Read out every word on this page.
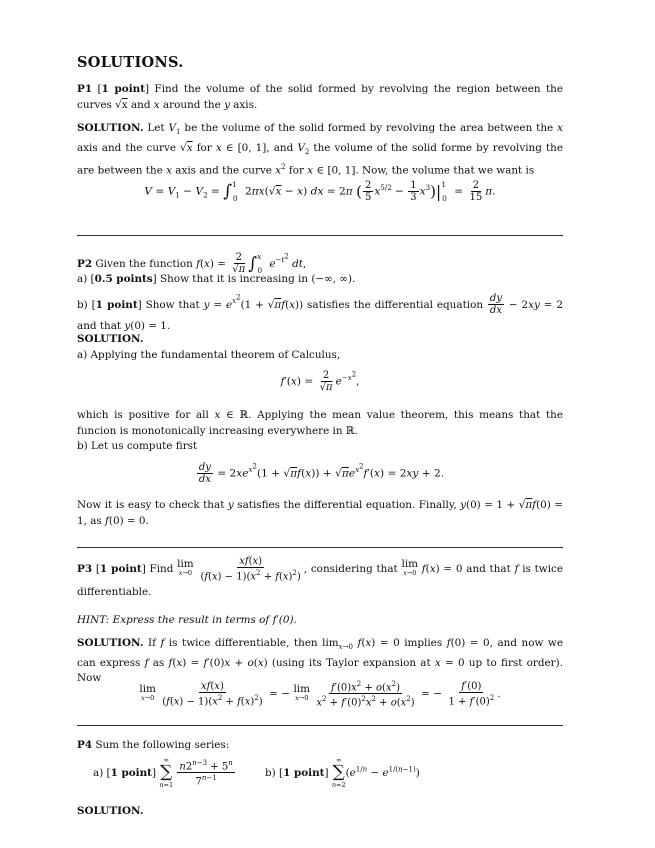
SOLUTIONS.

P1 [1 point] Find the volume of the solid formed by revolving the region between the curves √x and x around the y axis.

SOLUTION. Let $V_1$ be the volume of the solid formed by revolving the area between the x axis and the curve √x for x ∈ [0, 1], and $V_2$ the volume of the solid forme by revolving the are between the x axis and the curve $x^2$ for x ∈ [0, 1]. Now, the volume that we want is

$V = V_1 - V_2 = \int^1_0$ 2πx(√x − x) dx = 2π ( $\frac{2}{5} x^{5/2} - \frac{1}{3} x^3)|^1_0 = \frac{2}{15} \pi$.

P2 Given the function $f(x) = \frac{2}{√\pi} \int^x_0$ $e^{-t^2}$ dt,

a) [0.5 points] Show that it is increasing in (−∞, ∞).

b) [1 point] Show that $y = e^{x^2}(1 + √\pi f(x))$ satisfies the differential equation $\frac{dy}{dx} - 2xy = 2$ and that y(0) = 1.

SOLUTION.

a) Applying the fundamental theorem of Calculus,

$f'(x) = \frac{2}{√\pi} e^{-x^2}$,

which is positive for all x ∈ ℝ. Applying the mean value theorem, this means that the funcion is monotonically increasing everywhere in ℝ.

b) Let us compute first

$\frac{dy}{dx} = 2xe^{x^2}(1 + √\pi f(x)) + √\pi e^{x^2}f'(x) = 2xy + 2$.

Now it is easy to check that y satisfies the differential equation. Finally, y(0) = 1 + √πf(0) = 1, as f(0) = 0.

P3 [1 point] Find lim
x→0
$\frac{xf(x)}{(f(x) - 1)(x^2 + f(x)^2)}$ , considering that lim
x→0 f(x) = 0 and that f is twice differentiable.

HINT: Express the result in terms of f′(0).

SOLUTION. If f is twice differentiable, then $\lim_{x\to 0} f(x) = 0$ implies f(0) = 0, and now we can express f as f(x) = f′(0)x + o(x) (using its Taylor expansion at x = 0 up to first order). Now

lim
x→0
$\frac{xf(x)}{(f(x) - 1)(x^2 + f(x)^2)}$ = − lim
x→0
$\frac{f'(0)x^2 + o(x^2)}{x^2 + f'(0)^2x^2 + o(x^2)}$ = − $\frac{f'(0)}{1 + f'(0)^2}$ .

P4 Sum the following series:

a) [1 point]
∞
∑
n=1
$\frac{n2^{n-3} + 5^n}{7^{n-1}}$	b) [1 point]
∞
∑
n=2
$(e^{1/n} - e^{1/(n-1)})$

SOLUTION.
